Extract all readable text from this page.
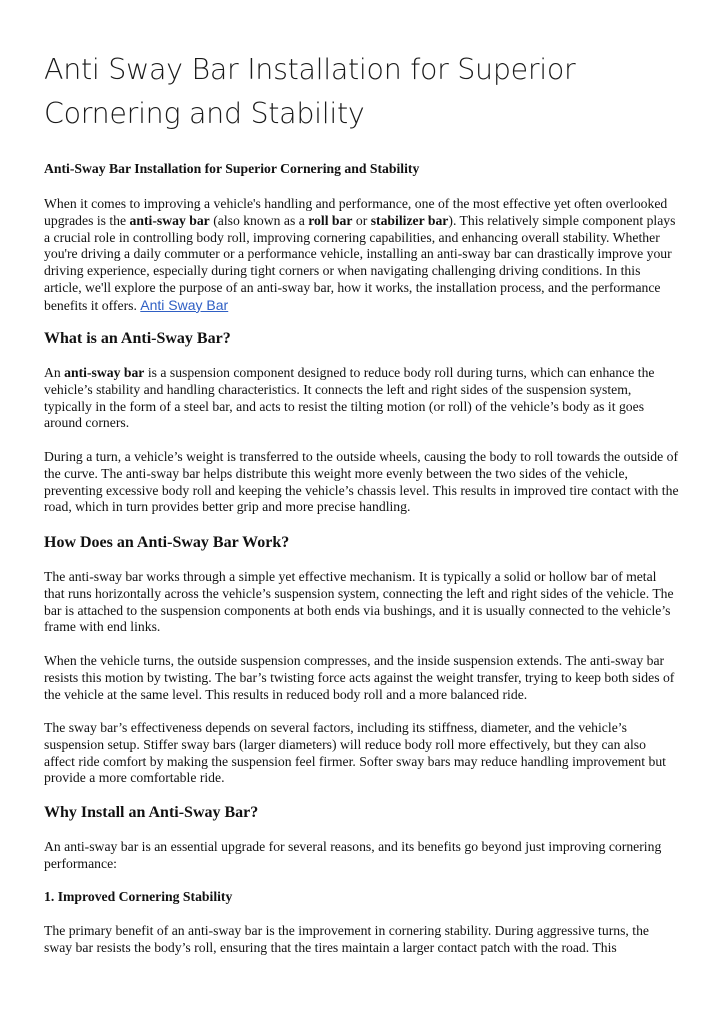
Anti Sway Bar Installation for Superior Cornering and Stability

Anti-Sway Bar Installation for Superior Cornering and Stability

When it comes to improving a vehicle's handling and performance, one of the most effective yet often overlooked upgrades is the anti-sway bar (also known as a roll bar or stabilizer bar). This relatively simple component plays a crucial role in controlling body roll, improving cornering capabilities, and enhancing overall stability. Whether you're driving a daily commuter or a performance vehicle, installing an anti-sway bar can drastically improve your driving experience, especially during tight corners or when navigating challenging driving conditions. In this article, we'll explore the purpose of an anti-sway bar, how it works, the installation process, and the performance benefits it offers. Anti Sway Bar
What is an Anti-Sway Bar?
An anti-sway bar is a suspension component designed to reduce body roll during turns, which can enhance the vehicle’s stability and handling characteristics. It connects the left and right sides of the suspension system, typically in the form of a steel bar, and acts to resist the tilting motion (or roll) of the vehicle’s body as it goes around corners.

During a turn, a vehicle’s weight is transferred to the outside wheels, causing the body to roll towards the outside of the curve. The anti-sway bar helps distribute this weight more evenly between the two sides of the vehicle, preventing excessive body roll and keeping the vehicle’s chassis level. This results in improved tire contact with the road, which in turn provides better grip and more precise handling.

How Does an Anti-Sway Bar Work?

The anti-sway bar works through a simple yet effective mechanism. It is typically a solid or hollow bar of metal that runs horizontally across the vehicle’s suspension system, connecting the left and right sides of the vehicle. The bar is attached to the suspension components at both ends via bushings, and it is usually connected to the vehicle’s frame with end links.

When the vehicle turns, the outside suspension compresses, and the inside suspension extends. The anti-sway bar resists this motion by twisting. The bar’s twisting force acts against the weight transfer, trying to keep both sides of the vehicle at the same level. This results in reduced body roll and a more balanced ride.

The sway bar’s effectiveness depends on several factors, including its stiffness, diameter, and the vehicle’s suspension setup. Stiffer sway bars (larger diameters) will reduce body roll more effectively, but they can also affect ride comfort by making the suspension feel firmer. Softer sway bars may reduce handling improvement but provide a more comfortable ride.

Why Install an Anti-Sway Bar?

An anti-sway bar is an essential upgrade for several reasons, and its benefits go beyond just improving cornering performance:

1. Improved Cornering Stability

The primary benefit of an anti-sway bar is the improvement in cornering stability. During aggressive turns, the sway bar resists the body’s roll, ensuring that the tires maintain a larger contact patch with the road. This
